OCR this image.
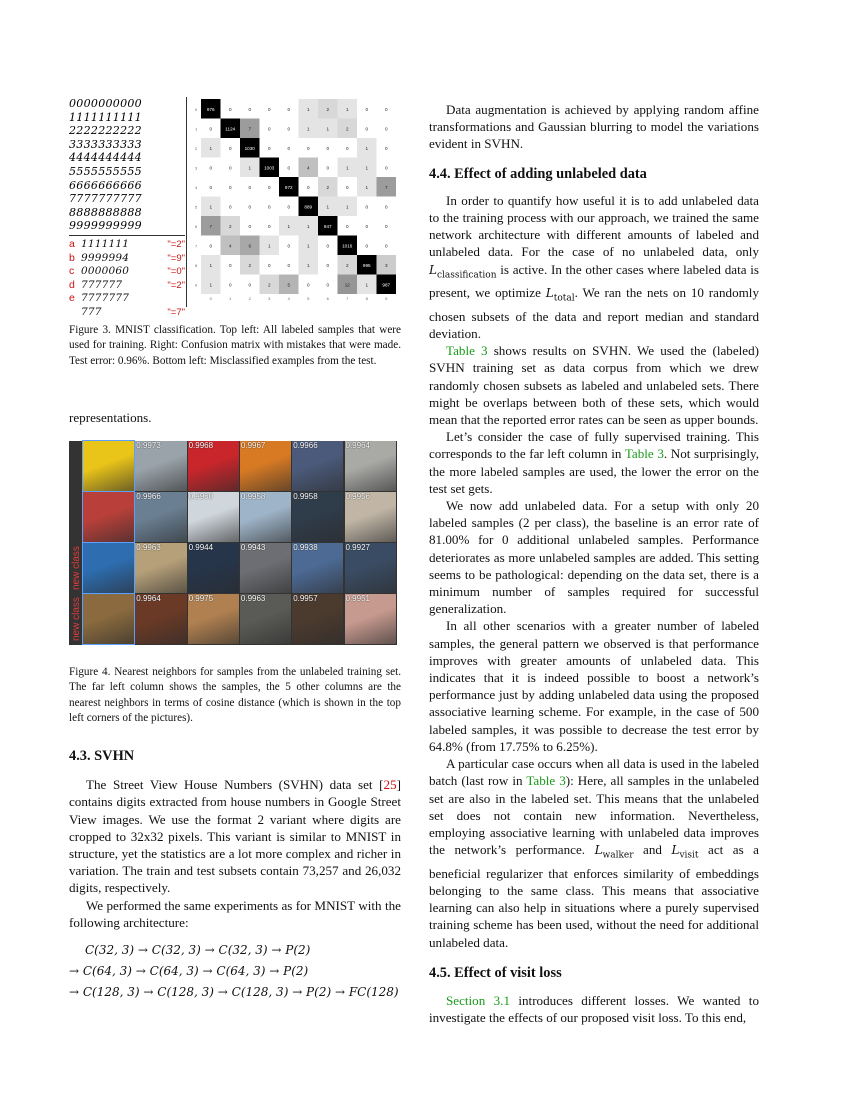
0000000000
1111111111
2222222222
3333333333
4444444444
5555555555
6666666666
7777777777
8888888888
9999999999
a 1111111	"=2"
b 9999994	"=9"
c 0000060	"=0"
d 777777	"=2"
e 7777777
777	"=7"
976	0	0	0	0	1	2	1	0	0
0
0
0	1124	7	0	0	1	1	2	0	0
1
1
1	0	1030	0	0	0	0	0	1	0
2
2
0	0	1	1003	0	4	0	1	1	0
3
3
0	0	0	0	972	0	2	0	1	7
4
4
1	0	0	0	0	889	1	1	0	0
5
5
7	2	0	0	1	1	947	0	0	0
6
6
0	4	6	1	0	1	0	1016	0	0
7
7
1	0	2	0	0	1	0	2	995	3
8
8
1	0	0	2	5	0	0	12	1	987
9
9
Figure 3. MNIST classification. Top left: All labeled samples that were used for training. Right: Confusion matrix with mistakes that were made. Test error: 0.96%. Bottom left: Misclassified examples from the test.

representations.

0.9973	0.9968	0.9967	0.9966	0.9964
0.9966	0.9960	0.9958	0.9958	0.9956
0.9963	0.9944	0.9943	0.9938	0.9927
0.9964	0.9975	0.9963	0.9957	0.9951
new class
new class
Figure 4. Nearest neighbors for samples from the unlabeled training set. The far left column shows the samples, the 5 other columns are the nearest neighbors in terms of cosine distance (which is shown in the top left corners of the pictures).
4.3. SVHN

The Street View House Numbers (SVHN) data set [25] contains digits extracted from house numbers in Google Street View images. We use the format 2 variant where digits are cropped to 32x32 pixels. This variant is similar to MNIST in structure, yet the statistics are a lot more complex and richer in variation. The train and test subsets contain 73,257 and 26,032 digits, respectively.

We performed the same experiments as for MNIST with the following architecture:

C(32, 3) → C(32, 3) → C(32, 3) → P(2)
→ C(64, 3) → C(64, 3) → C(64, 3) → P(2)
→ C(128, 3) → C(128, 3) → C(128, 3) → P(2) → FC(128)

Data augmentation is achieved by applying random affine transformations and Gaussian blurring to model the variations evident in SVHN.

4.4. Effect of adding unlabeled data

In order to quantify how useful it is to add unlabeled data to the training process with our approach, we trained the same network architecture with different amounts of labeled and unlabeled data. For the case of no unlabeled data, only $L_{classification}$ is active. In the other cases where labeled data is present, we optimize $L_{total}$. We ran the nets on 10 randomly chosen subsets of the data and report median and standard deviation.

Table 3 shows results on SVHN. We used the (labeled) SVHN training set as data corpus from which we drew randomly chosen subsets as labeled and unlabeled sets. There might be overlaps between both of these sets, which would mean that the reported error rates can be seen as upper bounds.

Let’s consider the case of fully supervised training. This corresponds to the far left column in Table 3. Not surprisingly, the more labeled samples are used, the lower the error on the test set gets.

We now add unlabeled data. For a setup with only 20 labeled samples (2 per class), the baseline is an error rate of 81.00% for 0 additional unlabeled samples. Performance deteriorates as more unlabeled samples are added. This setting seems to be pathological: depending on the data set, there is a minimum number of samples required for successful generalization.

In all other scenarios with a greater number of labeled samples, the general pattern we observed is that performance improves with greater amounts of unlabeled data. This indicates that it is indeed possible to boost a network’s performance just by adding unlabeled data using the proposed associative learning scheme. For example, in the case of 500 labeled samples, it was possible to decrease the test error by 64.8% (from 17.75% to 6.25%).

A particular case occurs when all data is used in the labeled batch (last row in Table 3): Here, all samples in the unlabeled set are also in the labeled set. This means that the unlabeled set does not contain new information. Nevertheless, employing associative learning with unlabeled data improves the network’s performance. $L_{walker}$ and $L_{visit}$ act as a beneficial regularizer that enforces similarity of embeddings belonging to the same class. This means that associative learning can also help in situations where a purely supervised training scheme has been used, without the need for additional unlabeled data.

4.5. Effect of visit loss

Section 3.1 introduces different losses. We wanted to investigate the effects of our proposed visit loss. To this end,
